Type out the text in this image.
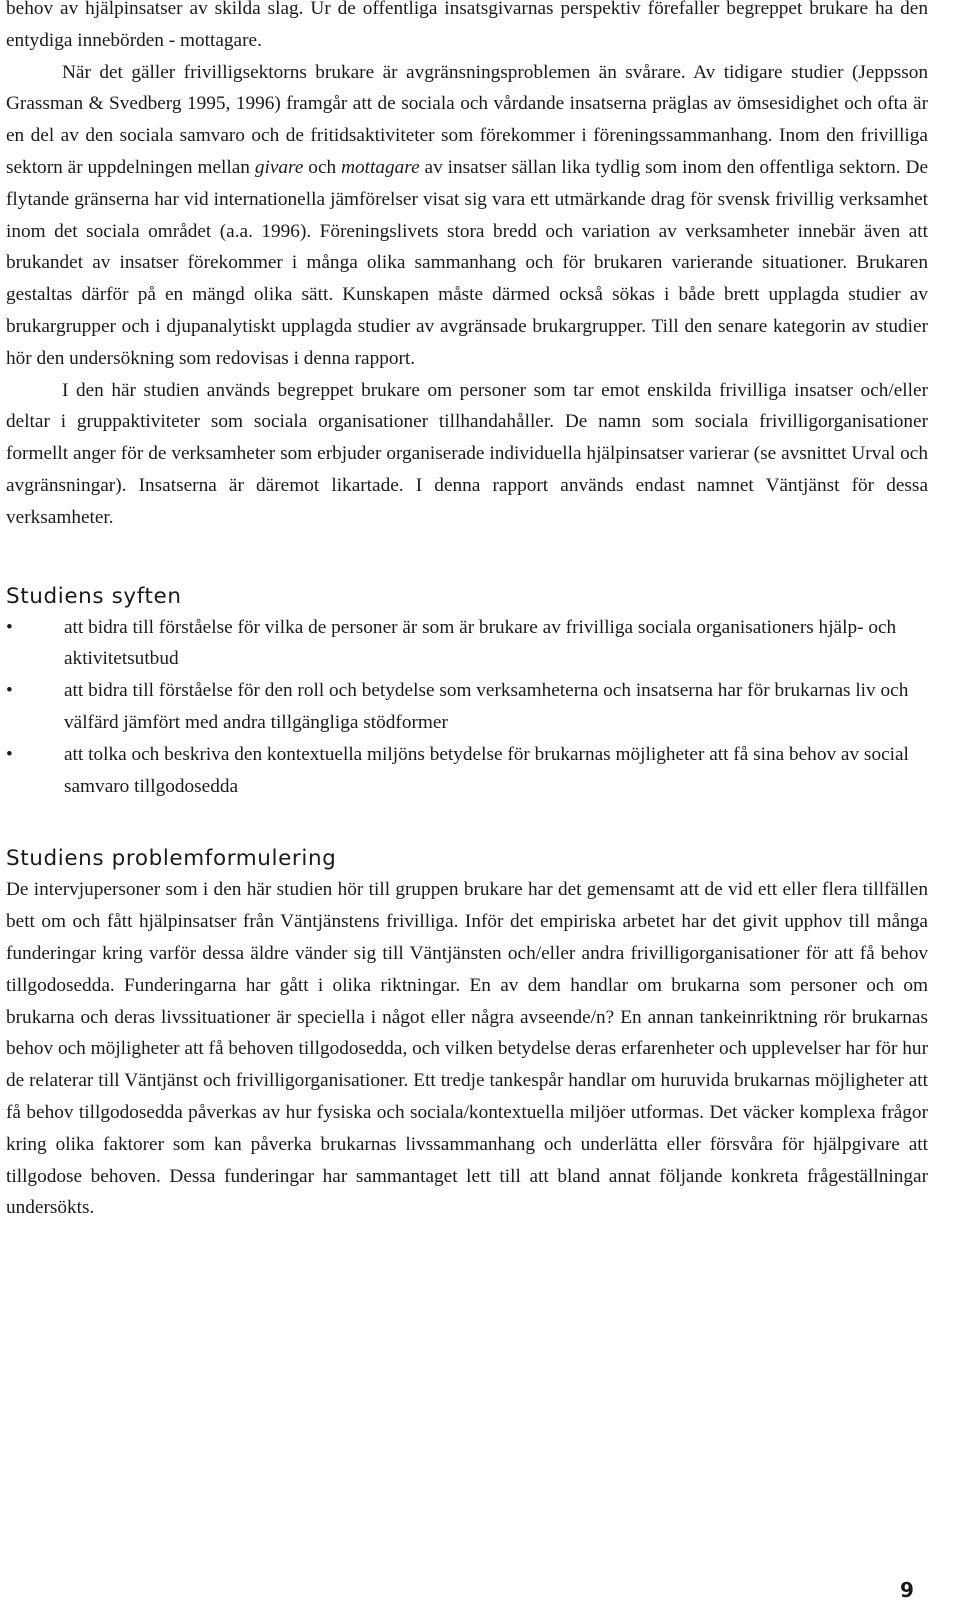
behov av hjälpinsatser av skilda slag. Ur de offentliga insatsgivarnas perspektiv förefaller begreppet brukare ha den entydiga innebörden - mottagare.

När det gäller frivilligsektorns brukare är avgränsningsproblemen än svårare. Av tidigare studier (Jeppsson Grassman & Svedberg 1995, 1996) framgår att de sociala och vårdande insatserna präglas av ömsesidighet och ofta är en del av den sociala samvaro och de fritidsaktiviteter som förekommer i föreningssammanhang. Inom den frivilliga sektorn är uppdelningen mellan givare och mottagare av insatser sällan lika tydlig som inom den offentliga sektorn. De flytande gränserna har vid internationella jämförelser visat sig vara ett utmärkande drag för svensk frivillig verksamhet inom det sociala området (a.a. 1996). Föreningslivets stora bredd och variation av verksamheter innebär även att brukandet av insatser förekommer i många olika sammanhang och för brukaren varierande situationer. Brukaren gestaltas därför på en mängd olika sätt. Kunskapen måste därmed också sökas i både brett upplagda studier av brukargrupper och i djupanalytiskt upplagda studier av avgränsade brukargrupper. Till den senare kategorin av studier hör den undersökning som redovisas i denna rapport.

I den här studien används begreppet brukare om personer som tar emot enskilda frivilliga insatser och/eller deltar i gruppaktiviteter som sociala organisationer tillhandahåller. De namn som sociala frivilligorganisationer formellt anger för de verksamheter som erbjuder organiserade individuella hjälpinsatser varierar (se avsnittet Urval och avgränsningar). Insatserna är däremot likartade. I denna rapport används endast namnet Väntjänst för dessa verksamheter.

Studiens syften
•	att bidra till förståelse för vilka de personer är som är brukare av frivilliga sociala organisationers hjälp- och aktivitetsutbud
•	att bidra till förståelse för den roll och betydelse som verksamheterna och insatserna har för brukarnas liv och välfärd jämfört med andra tillgängliga stödformer
•	att tolka och beskriva den kontextuella miljöns betydelse för brukarnas möjligheter att få sina behov av social samvaro tillgodosedda
Studiens problemformulering

De intervjupersoner som i den här studien hör till gruppen brukare har det gemensamt att de vid ett eller flera tillfällen bett om och fått hjälpinsatser från Väntjänstens frivilliga. Inför det empiriska arbetet har det givit upphov till många funderingar kring varför dessa äldre vänder sig till Väntjänsten och/eller andra frivilligorganisationer för att få behov tillgodosedda. Funderingarna har gått i olika riktningar. En av dem handlar om brukarna som personer och om brukarna och deras livssituationer är speciella i något eller några avseende/n? En annan tankeinriktning rör brukarnas behov och möjligheter att få behoven tillgodosedda, och vilken betydelse deras erfarenheter och upplevelser har för hur de relaterar till Väntjänst och frivilligorganisationer. Ett tredje tankespår handlar om huruvida brukarnas möjligheter att få behov tillgodosedda påverkas av hur fysiska och sociala/kontextuella miljöer utformas. Det väcker komplexa frågor kring olika faktorer som kan påverka brukarnas livssammanhang och underlätta eller försvåra för hjälpgivare att tillgodose behoven. Dessa funderingar har sammantaget lett till att bland annat följande konkreta frågeställningar undersökts.

9
